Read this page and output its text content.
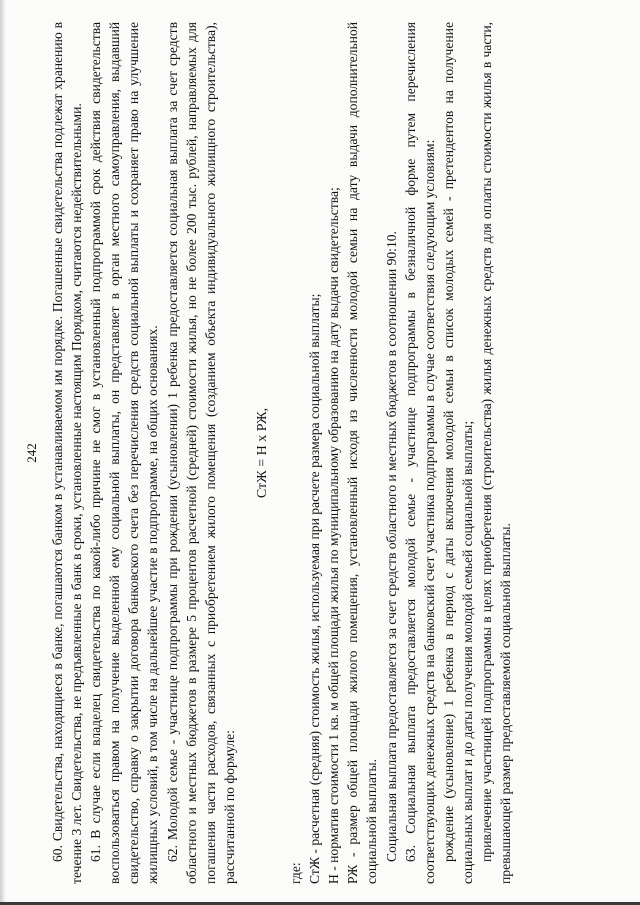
242 60. Свидетельства, находящиеся в банке, погашаются банком в устанавливаемом им порядке. Погашенные свидетельства подлежат хранению в течение 3 лет. Свидетельства, не предъявленные в банк в сроки, установленные настоящим Порядком, считаются недействительными. 61. В случае если владелец свидетельства по какой-либо причине не смог в установленный подпрограммой срок действия свидетельства воспользоваться правом на получение выделенной ему социальной выплаты, он представляет в орган местного самоуправления, выдавший свидетельство, справку о закрытии договора банковского счета без перечисления средств социальной выплаты и сохраняет право на улучшение жилищных условий, в том числе на дальнейшее участие в подпрограмме, на общих основаниях. 62. Молодой семье - участнице подпрограммы при рождении (усыновлении) 1 ребенка предоставляется социальная выплата за счет средств областного и местных бюджетов в размере 5 процентов расчетной (средней) стоимости жилья, но не более 200 тыс. рублей, направляемых для погашения части расходов, связанных с приобретением жилого помещения (созданием объекта индивидуального жилищного строительства), рассчитанной по формуле:

СтЖ = Н х РЖ,

где: СтЖ - расчетная (средняя) стоимость жилья, используемая при расчете размера социальной выплаты; Н - норматив стоимости 1 кв. м общей площади жилья по муниципальному образованию на дату выдачи свидетельства; РЖ - размер общей площади жилого помещения, установленный исходя из численности молодой семьи на дату выдачи дополнительной социальной выплаты. Социальная выплата предоставляется за счет средств областного и местных бюджетов в соотношении 90:10. 63. Социальная выплата предоставляется молодой семье - участнице подпрограммы в безналичной форме путем перечисления соответствующих денежных средств на банковский счет участника подпрограммы в случае соответствия следующим условиям: рождение (усыновление) 1 ребенка в период с даты включения молодой семьи в список молодых семей - претендентов на получение социальных выплат и до даты получения молодой семьей социальной выплаты; привлечение участницей подпрограммы в целях приобретения (строительства) жилья денежных средств для оплаты стоимости жилья в части, превышающей размер предоставляемой социальной выплаты.
